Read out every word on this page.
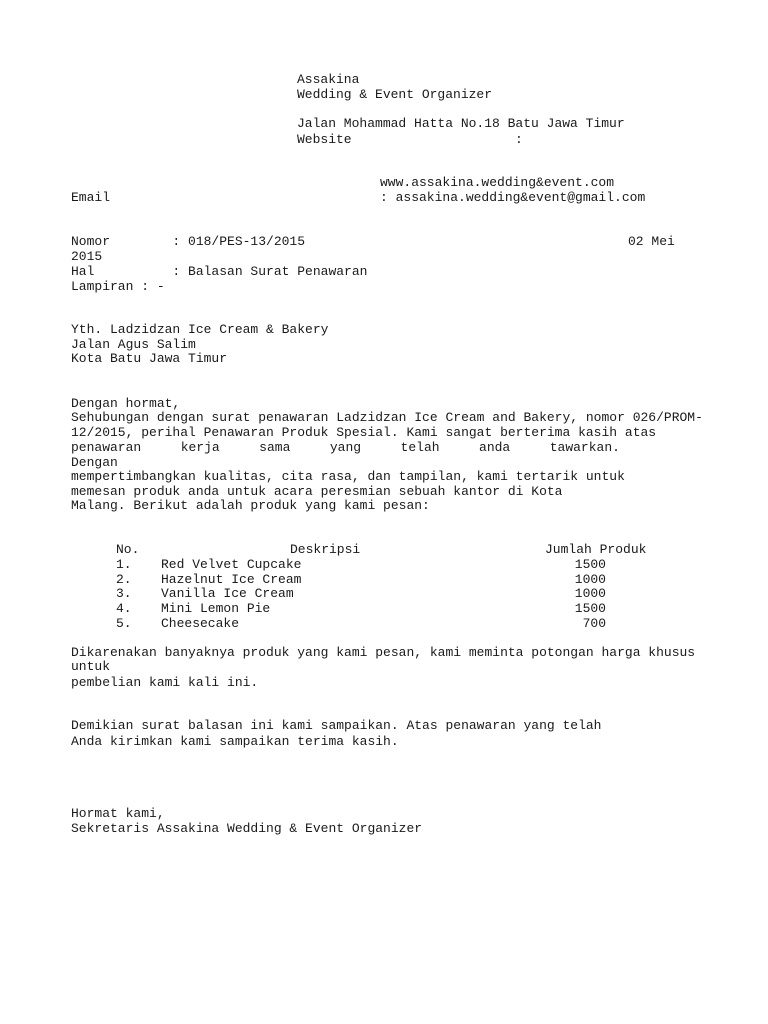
Assakina
Wedding & Event Organizer
Jalan Mohammad Hatta No.18 Batu Jawa Timur
Website	:
www.assakina.wedding&event.com
Email	: assakina.wedding&event@gmail.com
Nomor        : 018/PES-13/2015	02 Mei
2015
Hal          : Balasan Surat Penawaran
Lampiran : -
Yth. Ladzidzan Ice Cream & Bakery
Jalan Agus Salim
Kota Batu Jawa Timur
Dengan hormat,
Sehubungan dengan surat penawaran Ladzidzan Ice Cream and Bakery, nomor 026/PROM-
12/2015, perihal Penawaran Produk Spesial. Kami sangat berterima kasih atas
penawaran	kerja	sama	yang	telah	anda	tawarkan.
Dengan
mempertimbangkan kualitas, cita rasa, dan tampilan, kami tertarik untuk
memesan produk anda untuk acara peresmian sebuah kantor di Kota
Malang. Berikut adalah produk yang kami pesan:
No.	Deskripsi	Jumlah Produk
1. Red Velvet Cupcake	1500
2. Hazelnut Ice Cream	1000
3. Vanilla Ice Cream	1000
4. Mini Lemon Pie	1500
5. Cheesecake	700
Dikarenakan banyaknya produk yang kami pesan, kami meminta potongan harga khusus
untuk
pembelian kami kali ini.
Demikian surat balasan ini kami sampaikan. Atas penawaran yang telah
Anda kirimkan kami sampaikan terima kasih.
Hormat kami,
Sekretaris Assakina Wedding & Event Organizer
